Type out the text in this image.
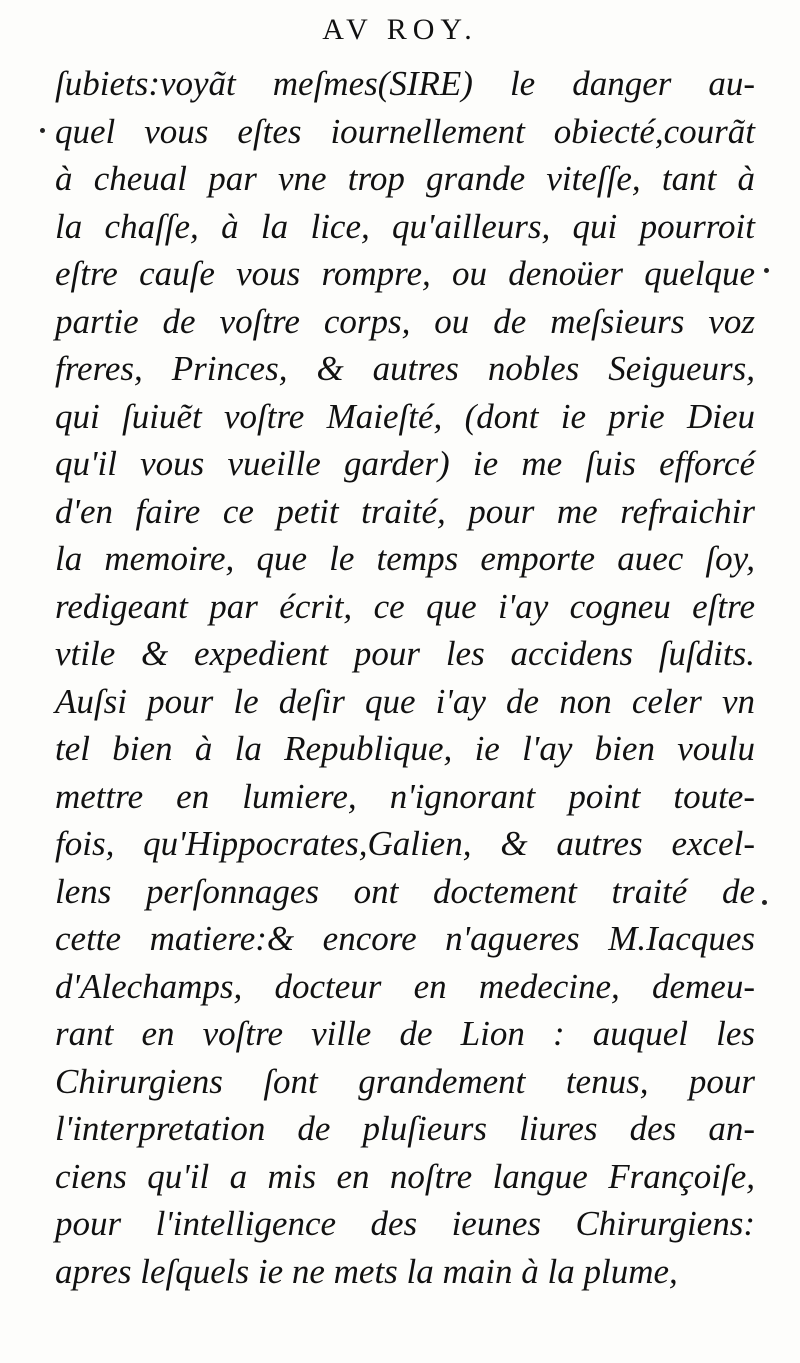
AV ROY.
ſubiets:voyãt meſmes(SIRE) le danger au-
quel vous eſtes iournellement obiecté,courãt
à cheual par vne trop grande viteſſe, tant à
la chaſſe, à la lice, qu'ailleurs, qui pourroit
eſtre cauſe vous rompre, ou denoüer quelque
partie de voſtre corps, ou de meſsieurs voz
freres, Princes, & autres nobles Seigueurs,
qui ſuiuẽt voſtre Maieſté, (dont ie prie Dieu
qu'il vous vueille garder) ie me ſuis efforcé
d'en faire ce petit traité, pour me refraichir
la memoire, que le temps emporte auec ſoy,
redigeant par écrit, ce que i'ay cogneu eſtre
vtile & expedient pour les accidens ſuſdits.
Auſsi pour le deſir que i'ay de non celer vn
tel bien à la Republique, ie l'ay bien voulu
mettre en lumiere, n'ignorant point toute-
fois, qu'Hippocrates,Galien, & autres excel-
lens perſonnages ont doctement traité de
cette matiere:& encore n'agueres M.Iacques
d'Alechamps, docteur en medecine, demeu-
rant en voſtre ville de Lion : auquel les
Chirurgiens ſont grandement tenus, pour
l'interpretation de pluſieurs liures des an-
ciens qu'il a mis en noſtre langue Françoiſe,
pour l'intelligence des ieunes Chirurgiens:
apres leſquels ie ne mets la main à la plume,
